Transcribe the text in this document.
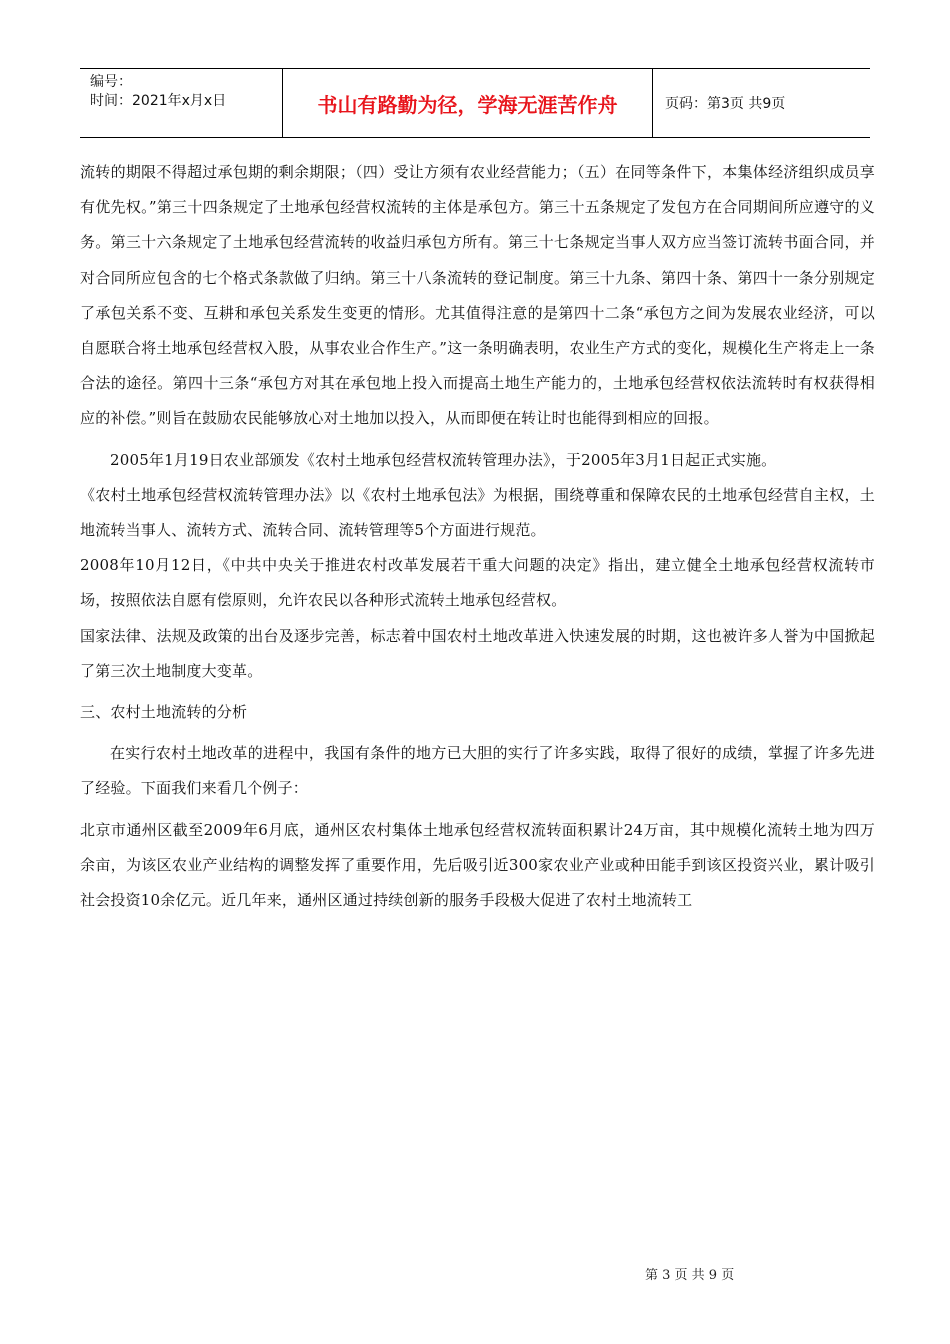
编号：
时间：2021年x月x日	书山有路勤为径，学海无涯苦作舟	页码：第3页 共9页

流转的期限不得超过承包期的剩余期限；（四）受让方须有农业经营能力；（五）在同等条件下，本集体经济组织成员享有优先权。”第三十四条规定了土地承包经营权流转的主体是承包方。第三十五条规定了发包方在合同期间所应遵守的义务。第三十六条规定了土地承包经营流转的收益归承包方所有。第三十七条规定当事人双方应当签订流转书面合同，并对合同所应包含的七个格式条款做了归纳。第三十八条流转的登记制度。第三十九条、第四十条、第四十一条分别规定了承包关系不变、互耕和承包关系发生变更的情形。尤其值得注意的是第四十二条“承包方之间为发展农业经济，可以自愿联合将土地承包经营权入股，从事农业合作生产。”这一条明确表明，农业生产方式的变化，规模化生产将走上一条合法的途径。第四十三条“承包方对其在承包地上投入而提高土地生产能力的，土地承包经营权依法流转时有权获得相应的补偿。”则旨在鼓励农民能够放心对土地加以投入，从而即便在转让时也能得到相应的回报。

2005年1月19日农业部颁发《农村土地承包经营权流转管理办法》，于2005年3月1日起正式实施。

《农村土地承包经营权流转管理办法》以《农村土地承包法》为根据，围绕尊重和保障农民的土地承包经营自主权，土地流转当事人、流转方式、流转合同、流转管理等5个方面进行规范。

2008年10月12日，《中共中央关于推进农村改革发展若干重大问题的决定》指出，建立健全土地承包经营权流转市场，按照依法自愿有偿原则，允许农民以各种形式流转土地承包经营权。

国家法律、法规及政策的出台及逐步完善，标志着中国农村土地改革进入快速发展的时期，这也被许多人誉为中国掀起了第三次土地制度大变革。

三、农村土地流转的分析

在实行农村土地改革的进程中，我国有条件的地方已大胆的实行了许多实践，取得了很好的成绩，掌握了许多先进了经验。下面我们来看几个例子：

北京市通州区截至2009年6月底，通州区农村集体土地承包经营权流转面积累计24万亩，其中规模化流转土地为四万余亩，为该区农业产业结构的调整发挥了重要作用，先后吸引近300家农业产业或种田能手到该区投资兴业，累计吸引社会投资10余亿元。近几年来，通州区通过持续创新的服务手段极大促进了农村土地流转工

第 3 页 共 9 页
